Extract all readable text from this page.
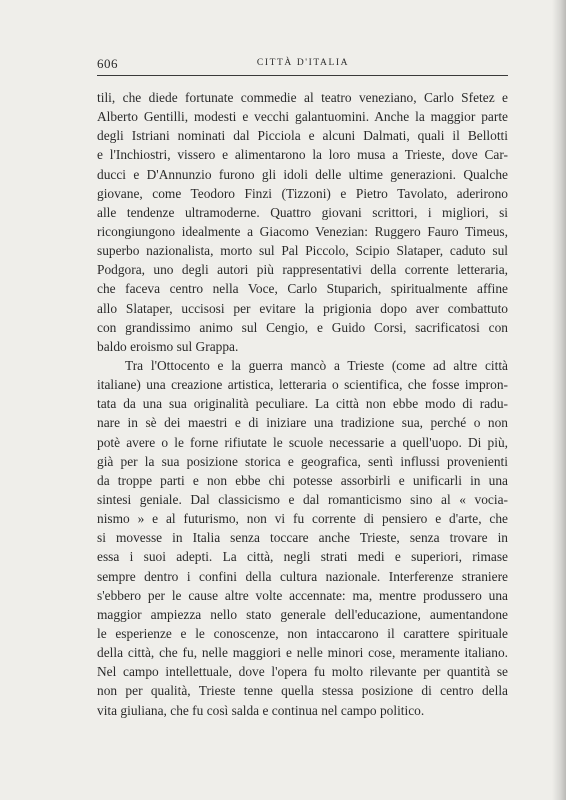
606	CITTÀ D'ITALIA
tili, che diede fortunate commedie al teatro veneziano, Carlo Sfetez e
Alberto Gentilli, modesti e vecchi galantuomini. Anche la maggior parte
degli Istriani nominati dal Picciola e alcuni Dalmati, quali il Bellotti
e l'Inchiostri, vissero e alimentarono la loro musa a Trieste, dove Car-
ducci e D'Annunzio furono gli idoli delle ultime generazioni. Qualche
giovane, come Teodoro Finzi (Tizzoni) e Pietro Tavolato, aderirono
alle tendenze ultramoderne. Quattro giovani scrittori, i migliori, si
ricongiungono idealmente a Giacomo Venezian: Ruggero Fauro Timeus,
superbo nazionalista, morto sul Pal Piccolo, Scipio Slataper, caduto sul
Podgora, uno degli autori più rappresentativi della corrente letteraria,
che faceva centro nella Voce, Carlo Stuparich, spiritualmente affine
allo Slataper, uccisosi per evitare la prigionia dopo aver combattuto
con grandissimo animo sul Cengio, e Guido Corsi, sacrificatosi con
baldo eroismo sul Grappa.
Tra l'Ottocento e la guerra mancò a Trieste (come ad altre città
italiane) una creazione artistica, letteraria o scientifica, che fosse impron-
tata da una sua originalità peculiare. La città non ebbe modo di radu-
nare in sè dei maestri e di iniziare una tradizione sua, perché o non
potè avere o le forne rifiutate le scuole necessarie a quell'uopo. Di più,
già per la sua posizione storica e geografica, sentì influssi provenienti
da troppe parti e non ebbe chi potesse assorbirli e unificarli in una
sintesi geniale. Dal classicismo e dal romanticismo sino al « vocia-
nismo » e al futurismo, non vi fu corrente di pensiero e d'arte, che
si movesse in Italia senza toccare anche Trieste, senza trovare in
essa i suoi adepti. La città, negli strati medi e superiori, rimase
sempre dentro i confini della cultura nazionale. Interferenze straniere
s'ebbero per le cause altre volte accennate: ma, mentre produssero una
maggior ampiezza nello stato generale dell'educazione, aumentandone
le esperienze e le conoscenze, non intaccarono il carattere spirituale
della città, che fu, nelle maggiori e nelle minori cose, meramente italiano.
Nel campo intellettuale, dove l'opera fu molto rilevante per quantità se
non per qualità, Trieste tenne quella stessa posizione di centro della
vita giuliana, che fu così salda e continua nel campo politico.
